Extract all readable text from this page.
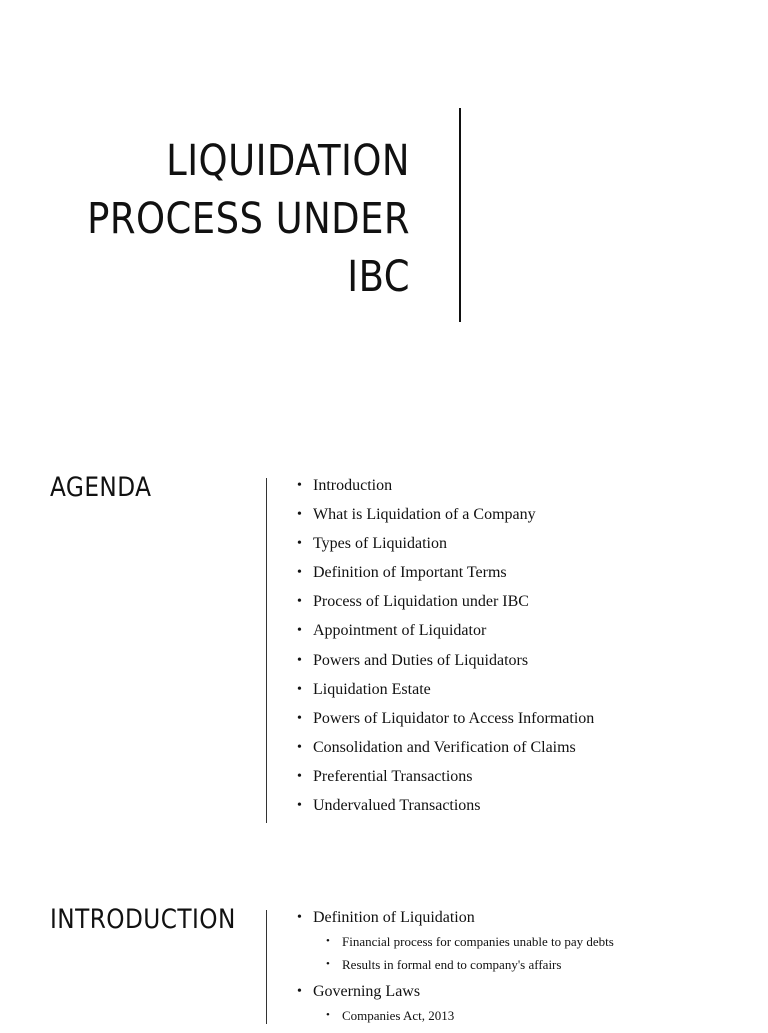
LIQUIDATION
PROCESS UNDER
IBC
AGENDA	• Introduction
• What is Liquidation of a Company
• Types of Liquidation
• Definition of Important Terms
• Process of Liquidation under IBC
• Appointment of Liquidator
• Powers and Duties of Liquidators
• Liquidation Estate
• Powers of Liquidator to Access Information
• Consolidation and Verification of Claims
• Preferential Transactions
• Undervalued Transactions
INTRODUCTION	• Definition of Liquidation
• Financial process for companies unable to pay debts
• Results in formal end to company's affairs
• Governing Laws
• Companies Act, 2013
